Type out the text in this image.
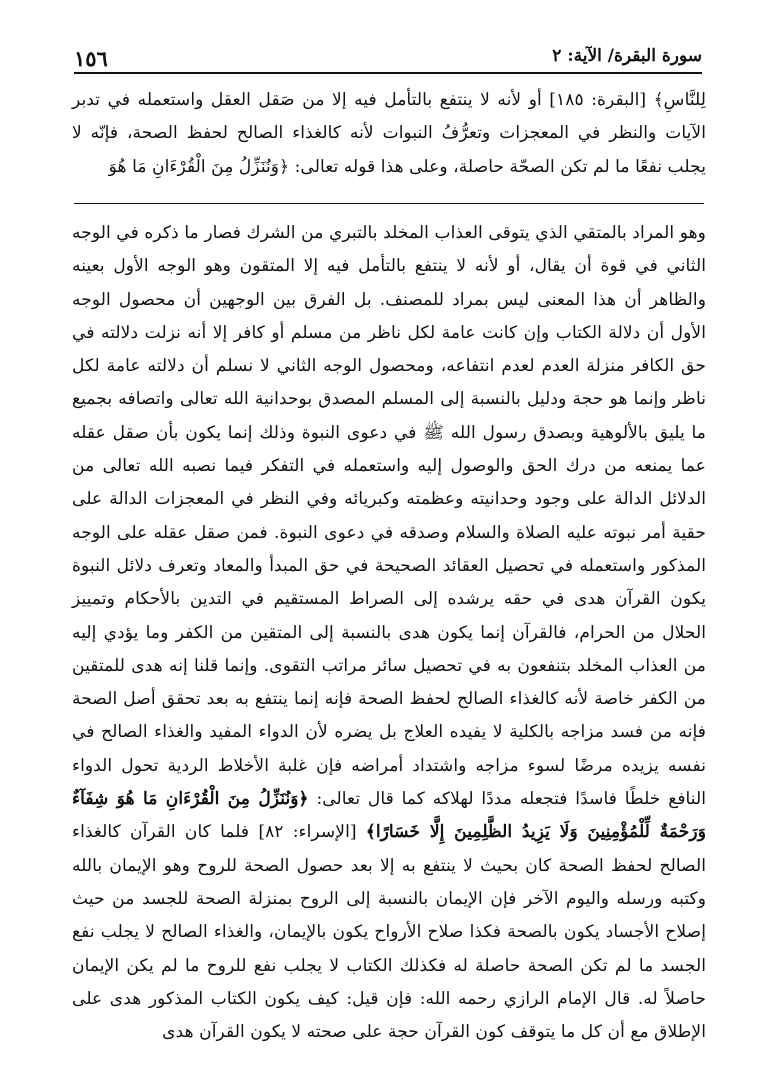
١٥٦	سورة البقرة/ الآية: ٢
لِلنَّاسِ﴾ [البقرة: ١٨٥] أو لأنه لا ينتفع بالتأمل فيه إلا من صَقل العقل واستعمله في تدبر الآيات والنظر في المعجزات وتعرُّفُ النبوات لأنه كالغذاء الصالح لحفظ الصحة، فإنّه لا يجلب نفعًا ما لم تكن الصحّة حاصلة، وعلى هذا قوله تعالى: ﴿وَنُنَزِّلُ مِنَ الْقُرْءَانِ مَا هُوَ
وهو المراد بالمتقي الذي يتوقى العذاب المخلد بالتبري من الشرك فصار ما ذكره في الوجه الثاني في قوة أن يقال، أو لأنه لا ينتفع بالتأمل فيه إلا المتقون وهو الوجه الأول بعينه والظاهر أن هذا المعنى ليس بمراد للمصنف. بل الفرق بين الوجهين أن محصول الوجه الأول أن دلالة الكتاب وإن كانت عامة لكل ناظر من مسلم أو كافر إلا أنه نزلت دلالته في حق الكافر منزلة العدم لعدم انتفاعه، ومحصول الوجه الثاني لا نسلم أن دلالته عامة لكل ناظر وإنما هو حجة ودليل بالنسبة إلى المسلم المصدق بوحدانية الله تعالى واتصافه بجميع ما يليق بالألوهية وبصدق رسول الله ﷺ في دعوى النبوة وذلك إنما يكون بأن صقل عقله عما يمنعه من درك الحق والوصول إليه واستعمله في التفكر فيما نصبه الله تعالى من الدلائل الدالة على وجود وحدانيته وعظمته وكبريائه وفي النظر في المعجزات الدالة على حقية أمر نبوته عليه الصلاة والسلام وصدقه في دعوى النبوة. فمن صقل عقله على الوجه المذكور واستعمله في تحصيل العقائد الصحيحة في حق المبدأ والمعاد وتعرف دلائل النبوة يكون القرآن هدى في حقه يرشده إلى الصراط المستقيم في التدين بالأحكام وتمييز الحلال من الحرام، فالقرآن إنما يكون هدى بالنسبة إلى المتقين من الكفر وما يؤدي إليه من العذاب المخلد بتنفعون به في تحصيل سائر مراتب التقوى. وإنما قلنا إنه هدى للمتقين من الكفر خاصة لأنه كالغذاء الصالح لحفظ الصحة فإنه إنما ينتفع به بعد تحقق أصل الصحة فإنه من فسد مزاجه بالكلية لا يفيده العلاج بل يضره لأن الدواء المفيد والغذاء الصالح في نفسه يزيده مرضًا لسوء مزاجه واشتداد أمراضه فإن غلبة الأخلاط الردية تحول الدواء النافع خلطًا فاسدًا فتجعله مددًا لهلاكه كما قال تعالى: ﴿وَنُنَزِّلُ مِنَ الْقُرْءَانِ مَا هُوَ شِفَآءٌ وَرَحْمَةٌ لِّلْمُؤْمِنِينَ وَلَا يَزِيدُ الظَّلِمِينَ إِلَّا خَسَارًا﴾ [الإسراء: ٨٢] فلما كان القرآن كالغذاء الصالح لحفظ الصحة كان بحيث لا ينتفع به إلا بعد حصول الصحة للروح وهو الإيمان بالله وكتبه ورسله واليوم الآخر فإن الإيمان بالنسبة إلى الروح بمنزلة الصحة للجسد من حيث إصلاح الأجساد يكون بالصحة فكذا صلاح الأرواح يكون بالإيمان، والغذاء الصالح لا يجلب نفع الجسد ما لم تكن الصحة حاصلة له فكذلك الكتاب لا يجلب نفع للروح ما لم يكن الإيمان حاصلاً له. قال الإمام الرازي رحمه الله: فإن قيل: كيف يكون الكتاب المذكور هدى على الإطلاق مع أن كل ما يتوقف كون القرآن حجة على صحته لا يكون القرآن هدى
